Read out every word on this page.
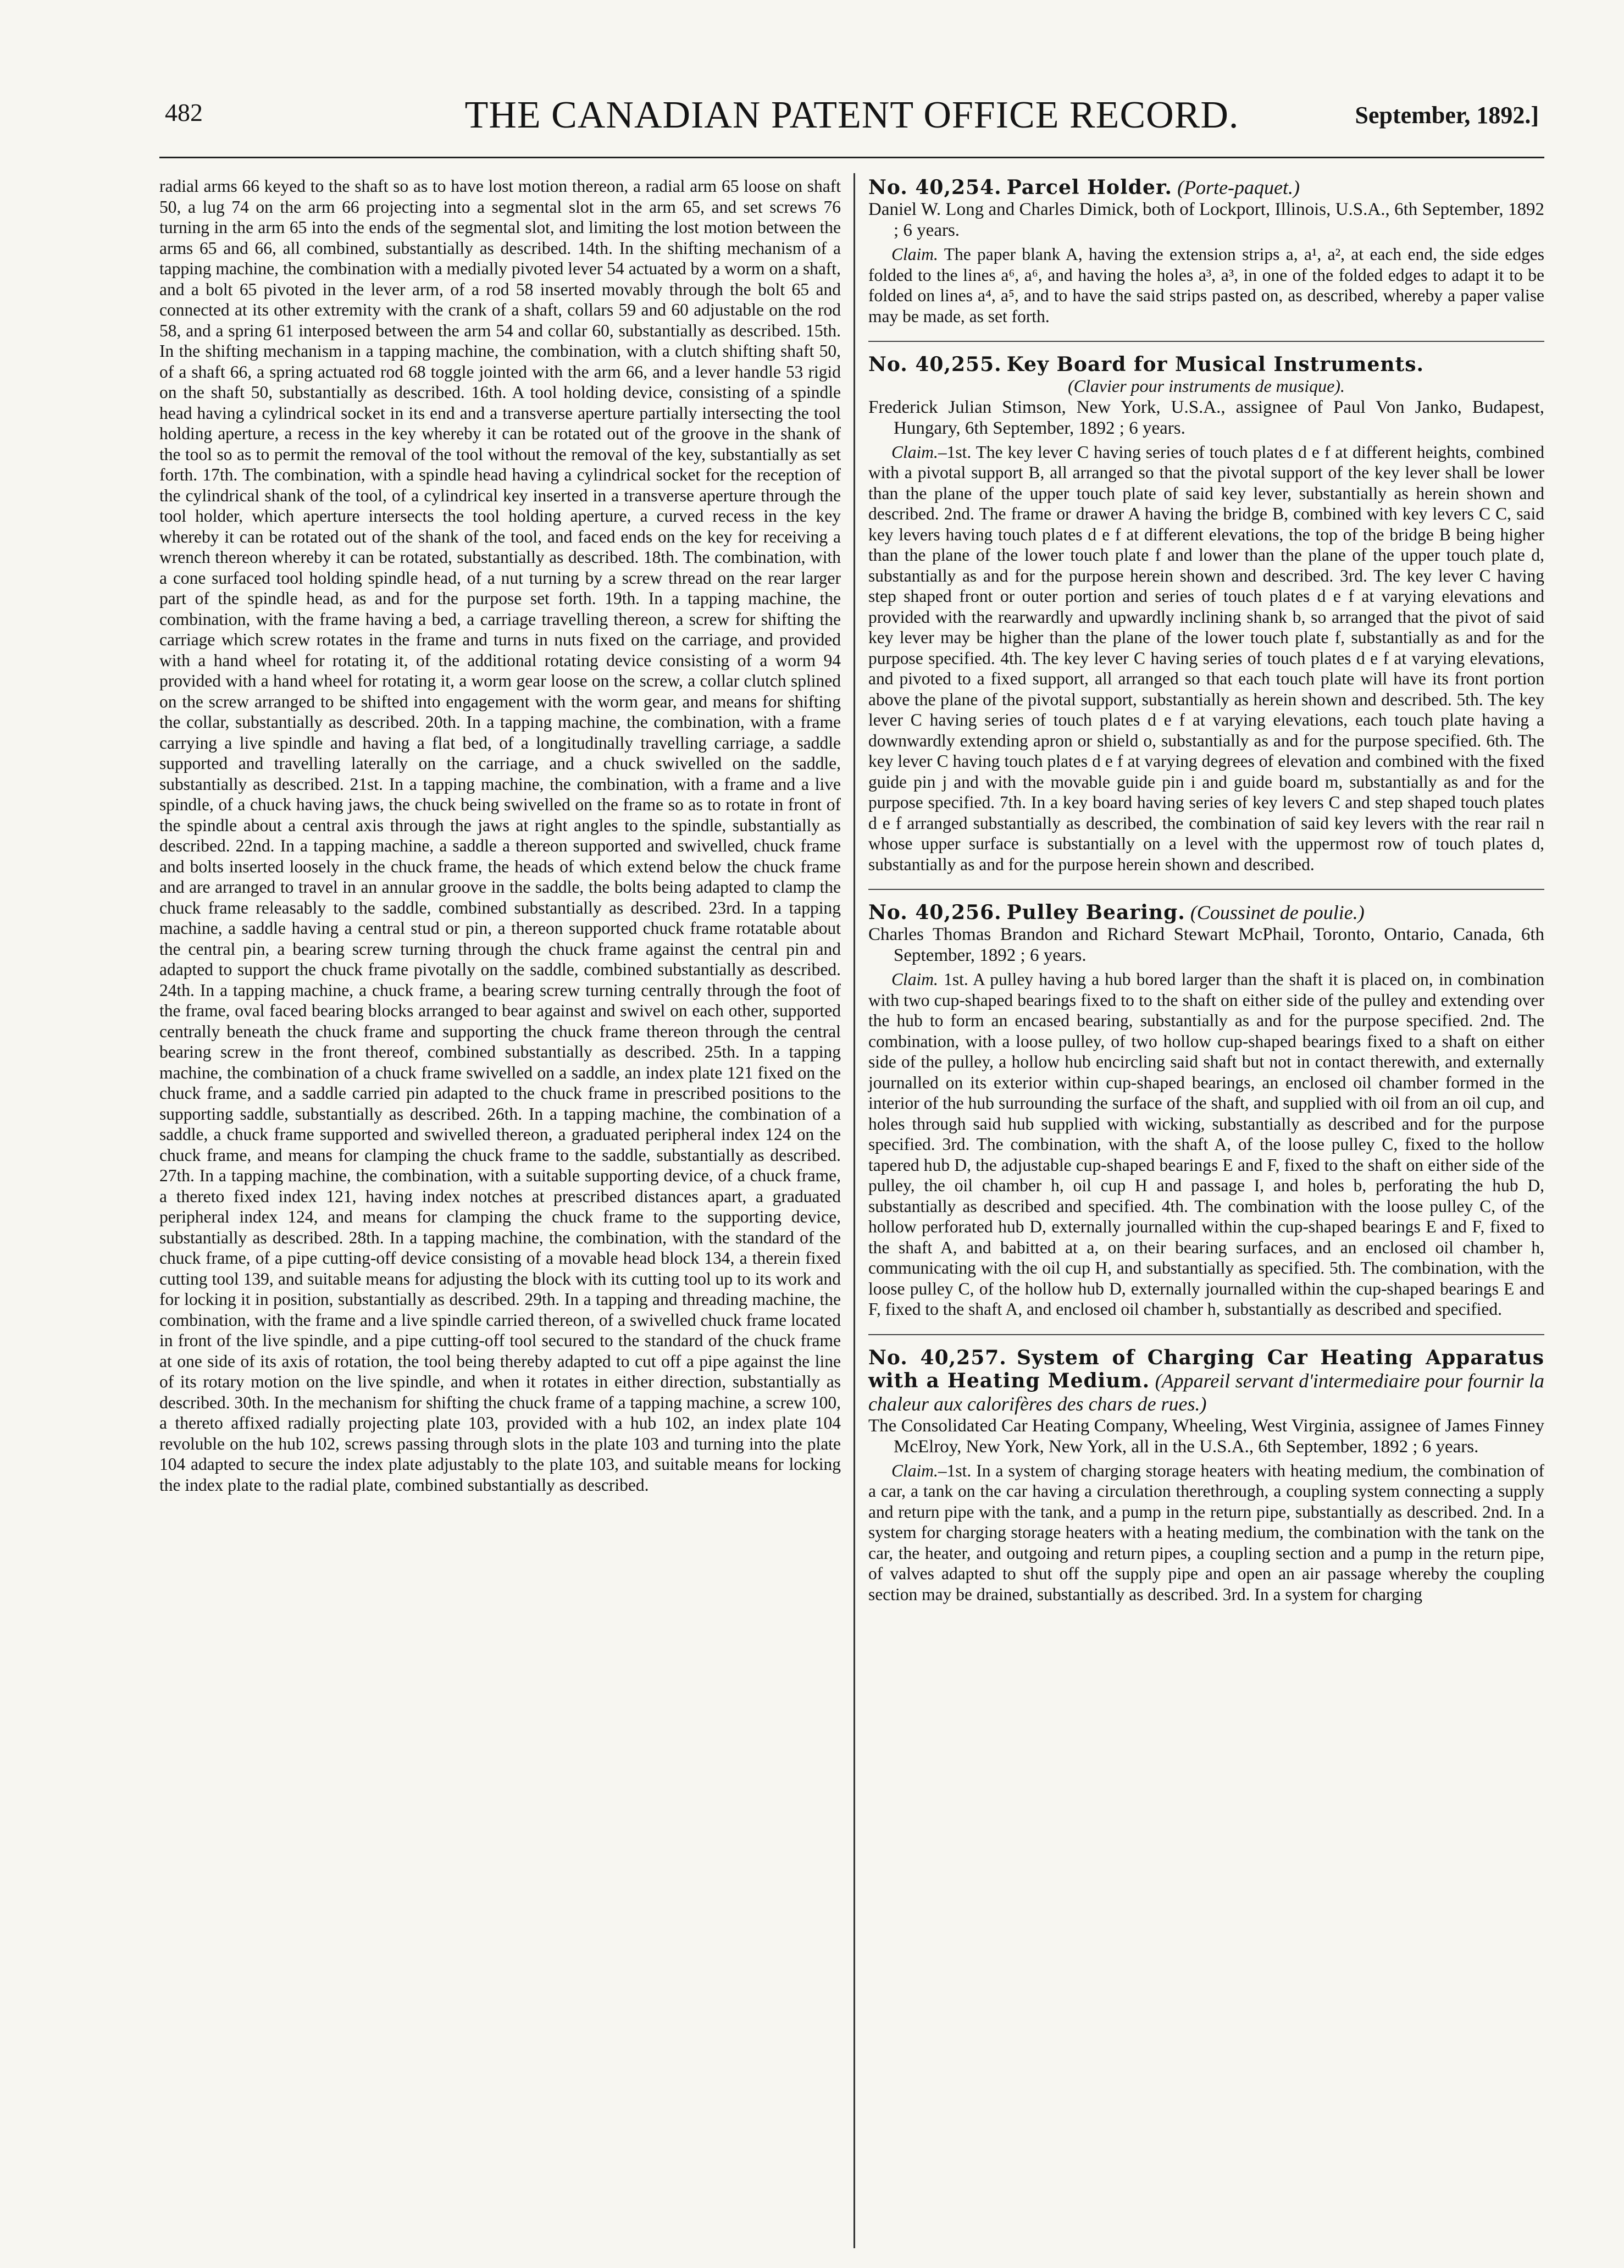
482	THE CANADIAN PATENT OFFICE RECORD.	September, 1892.]

radial arms 66 keyed to the shaft so as to have lost motion thereon, a radial arm 65 loose on shaft 50, a lug 74 on the arm 66 projecting into a segmental slot in the arm 65, and set screws 76 turning in the arm 65 into the ends of the segmental slot, and limiting the lost motion between the arms 65 and 66, all combined, substantially as described. 14th. In the shifting mechanism of a tapping machine, the combination with a medially pivoted lever 54 actuated by a worm on a shaft, and a bolt 65 pivoted in the lever arm, of a rod 58 inserted movably through the bolt 65 and connected at its other extremity with the crank of a shaft, collars 59 and 60 adjustable on the rod 58, and a spring 61 interposed between the arm 54 and collar 60, substantially as described. 15th. In the shifting mechanism in a tapping machine, the combination, with a clutch shifting shaft 50, of a shaft 66, a spring actuated rod 68 toggle jointed with the arm 66, and a lever handle 53 rigid on the shaft 50, substantially as described. 16th. A tool holding device, consisting of a spindle head having a cylindrical socket in its end and a transverse aperture partially intersecting the tool holding aperture, a recess in the key whereby it can be rotated out of the groove in the shank of the tool so as to permit the removal of the tool without the removal of the key, substantially as set forth. 17th. The combination, with a spindle head having a cylindrical socket for the reception of the cylindrical shank of the tool, of a cylindrical key inserted in a transverse aperture through the tool holder, which aperture intersects the tool holding aperture, a curved recess in the key whereby it can be rotated out of the shank of the tool, and faced ends on the key for receiving a wrench thereon whereby it can be rotated, substantially as described. 18th. The combination, with a cone surfaced tool holding spindle head, of a nut turning by a screw thread on the rear larger part of the spindle head, as and for the purpose set forth. 19th. In a tapping machine, the combination, with the frame having a bed, a carriage travelling thereon, a screw for shifting the carriage which screw rotates in the frame and turns in nuts fixed on the carriage, and provided with a hand wheel for rotating it, of the additional rotating device consisting of a worm 94 provided with a hand wheel for rotating it, a worm gear loose on the screw, a collar clutch splined on the screw arranged to be shifted into engagement with the worm gear, and means for shifting the collar, substantially as described. 20th. In a tapping machine, the combination, with a frame carrying a live spindle and having a flat bed, of a longitudinally travelling carriage, a saddle supported and travelling laterally on the carriage, and a chuck swivelled on the saddle, substantially as described. 21st. In a tapping machine, the combination, with a frame and a live spindle, of a chuck having jaws, the chuck being swivelled on the frame so as to rotate in front of the spindle about a central axis through the jaws at right angles to the spindle, substantially as described. 22nd. In a tapping machine, a saddle a thereon supported and swivelled, chuck frame and bolts inserted loosely in the chuck frame, the heads of which extend below the chuck frame and are arranged to travel in an annular groove in the saddle, the bolts being adapted to clamp the chuck frame releasably to the saddle, combined substantially as described. 23rd. In a tapping machine, a saddle having a central stud or pin, a thereon supported chuck frame rotatable about the central pin, a bearing screw turning through the chuck frame against the central pin and adapted to support the chuck frame pivotally on the saddle, combined substantially as described. 24th. In a tapping machine, a chuck frame, a bearing screw turning centrally through the foot of the frame, oval faced bearing blocks arranged to bear against and swivel on each other, supported centrally beneath the chuck frame and supporting the chuck frame thereon through the central bearing screw in the front thereof, combined substantially as described. 25th. In a tapping machine, the combination of a chuck frame swivelled on a saddle, an index plate 121 fixed on the chuck frame, and a saddle carried pin adapted to the chuck frame in prescribed positions to the supporting saddle, substantially as described. 26th. In a tapping machine, the combination of a saddle, a chuck frame supported and swivelled thereon, a graduated peripheral index 124 on the chuck frame, and means for clamping the chuck frame to the saddle, substantially as described. 27th. In a tapping machine, the combination, with a suitable supporting device, of a chuck frame, a thereto fixed index 121, having index notches at prescribed distances apart, a graduated peripheral index 124, and means for clamping the chuck frame to the supporting device, substantially as described. 28th. In a tapping machine, the combination, with the standard of the chuck frame, of a pipe cutting-off device consisting of a movable head block 134, a therein fixed cutting tool 139, and suitable means for adjusting the block with its cutting tool up to its work and for locking it in position, substantially as described. 29th. In a tapping and threading machine, the combination, with the frame and a live spindle carried thereon, of a swivelled chuck frame located in front of the live spindle, and a pipe cutting-off tool secured to the standard of the chuck frame at one side of its axis of rotation, the tool being thereby adapted to cut off a pipe against the line of its rotary motion on the live spindle, and when it rotates in either direction, substantially as described. 30th. In the mechanism for shifting the chuck frame of a tapping machine, a screw 100, a thereto affixed radially projecting plate 103, provided with a hub 102, an index plate 104 revoluble on the hub 102, screws passing through slots in the plate 103 and turning into the plate 104 adapted to secure the index plate adjustably to the plate 103, and suitable means for locking the index plate to the radial plate, combined substantially as described.

No. 40,254. Parcel Holder. (Porte-paquet.)

Daniel W. Long and Charles Dimick, both of Lockport, Illinois, U.S.A., 6th September, 1892 ; 6 years.

Claim. The paper blank A, having the extension strips a, a¹, a², at each end, the side edges folded to the lines a⁶, a⁶, and having the holes a³, a³, in one of the folded edges to adapt it to be folded on lines a⁴, a⁵, and to have the said strips pasted on, as described, whereby a paper valise may be made, as set forth.

No. 40,255. Key Board for Musical Instruments.

(Clavier pour instruments de musique).

Frederick Julian Stimson, New York, U.S.A., assignee of Paul Von Janko, Budapest, Hungary, 6th September, 1892 ; 6 years.

Claim.–1st. The key lever C having series of touch plates d e f at different heights, combined with a pivotal support B, all arranged so that the pivotal support of the key lever shall be lower than the plane of the upper touch plate of said key lever, substantially as herein shown and described. 2nd. The frame or drawer A having the bridge B, combined with key levers C C, said key levers having touch plates d e f at different elevations, the top of the bridge B being higher than the plane of the lower touch plate f and lower than the plane of the upper touch plate d, substantially as and for the purpose herein shown and described. 3rd. The key lever C having step shaped front or outer portion and series of touch plates d e f at varying elevations and provided with the rearwardly and upwardly inclining shank b, so arranged that the pivot of said key lever may be higher than the plane of the lower touch plate f, substantially as and for the purpose specified. 4th. The key lever C having series of touch plates d e f at varying elevations, and pivoted to a fixed support, all arranged so that each touch plate will have its front portion above the plane of the pivotal support, substantially as herein shown and described. 5th. The key lever C having series of touch plates d e f at varying elevations, each touch plate having a downwardly extending apron or shield o, substantially as and for the purpose specified. 6th. The key lever C having touch plates d e f at varying degrees of elevation and combined with the fixed guide pin j and with the movable guide pin i and guide board m, substantially as and for the purpose specified. 7th. In a key board having series of key levers C and step shaped touch plates d e f arranged substantially as described, the combination of said key levers with the rear rail n whose upper surface is substantially on a level with the uppermost row of touch plates d, substantially as and for the purpose herein shown and described.

No. 40,256. Pulley Bearing. (Coussinet de poulie.)

Charles Thomas Brandon and Richard Stewart McPhail, Toronto, Ontario, Canada, 6th September, 1892 ; 6 years.

Claim. 1st. A pulley having a hub bored larger than the shaft it is placed on, in combination with two cup-shaped bearings fixed to to the shaft on either side of the pulley and extending over the hub to form an encased bearing, substantially as and for the purpose specified. 2nd. The combination, with a loose pulley, of two hollow cup-shaped bearings fixed to a shaft on either side of the pulley, a hollow hub encircling said shaft but not in contact therewith, and externally journalled on its exterior within cup-shaped bearings, an enclosed oil chamber formed in the interior of the hub surrounding the surface of the shaft, and supplied with oil from an oil cup, and holes through said hub supplied with wicking, substantially as described and for the purpose specified. 3rd. The combination, with the shaft A, of the loose pulley C, fixed to the hollow tapered hub D, the adjustable cup-shaped bearings E and F, fixed to the shaft on either side of the pulley, the oil chamber h, oil cup H and passage I, and holes b, perforating the hub D, substantially as described and specified. 4th. The combination with the loose pulley C, of the hollow perforated hub D, externally journalled within the cup-shaped bearings E and F, fixed to the shaft A, and babitted at a, on their bearing surfaces, and an enclosed oil chamber h, communicating with the oil cup H, and substantially as specified. 5th. The combination, with the loose pulley C, of the hollow hub D, externally journalled within the cup-shaped bearings E and F, fixed to the shaft A, and enclosed oil chamber h, substantially as described and specified.

No. 40,257. System of Charging Car Heating Apparatus with a Heating Medium. (Appareil servant d'intermediaire pour fournir la chaleur aux calorifères des chars de rues.)

The Consolidated Car Heating Company, Wheeling, West Virginia, assignee of James Finney McElroy, New York, New York, all in the U.S.A., 6th September, 1892 ; 6 years.

Claim.–1st. In a system of charging storage heaters with heating medium, the combination of a car, a tank on the car having a circulation therethrough, a coupling system connecting a supply and return pipe with the tank, and a pump in the return pipe, substantially as described. 2nd. In a system for charging storage heaters with a heating medium, the combination with the tank on the car, the heater, and outgoing and return pipes, a coupling section and a pump in the return pipe, of valves adapted to shut off the supply pipe and open an air passage whereby the coupling section may be drained, substantially as described. 3rd. In a system for charging
